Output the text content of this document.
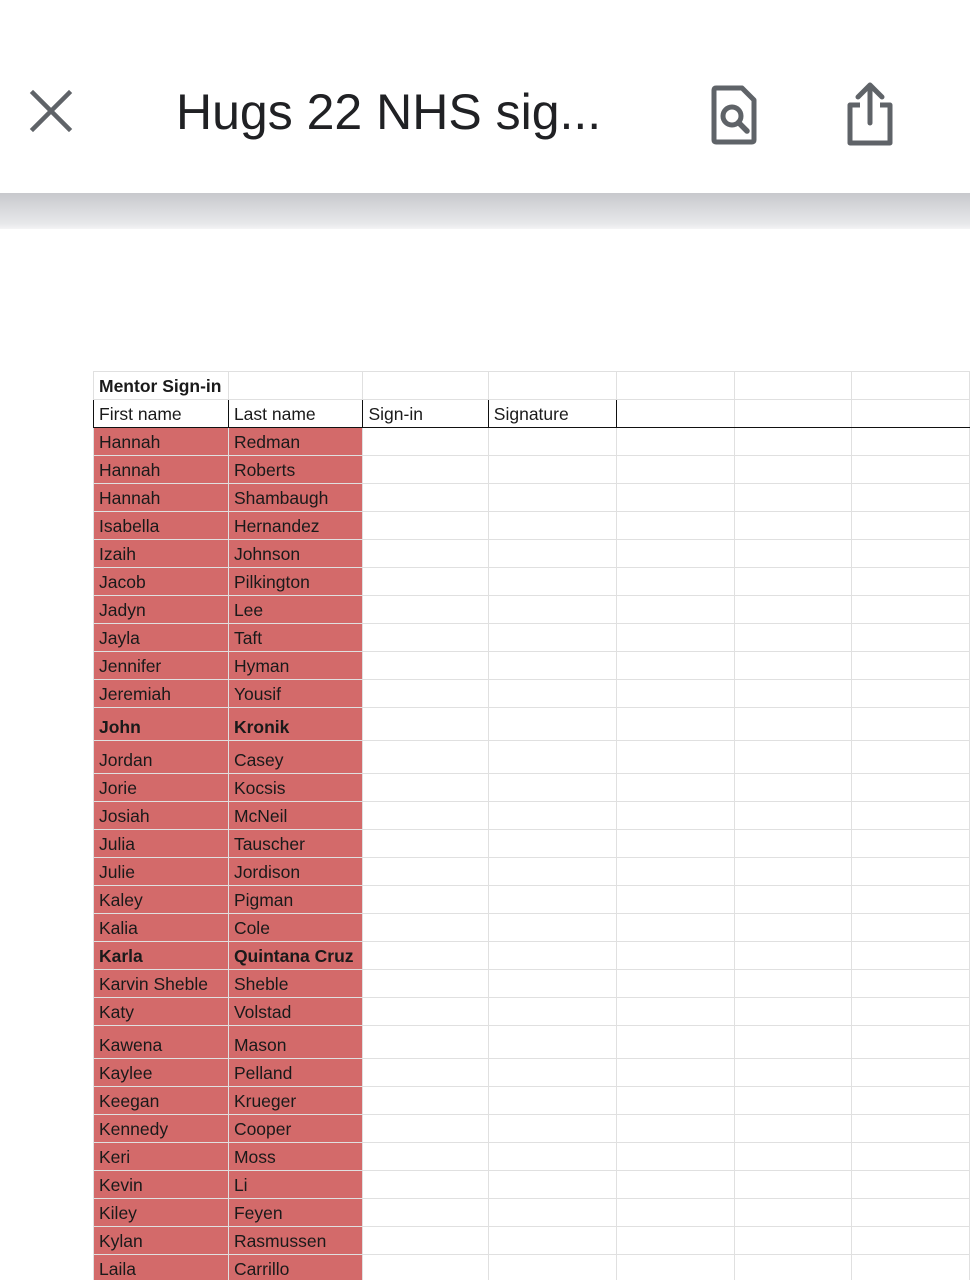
Hugs 22 NHS sig...
Mentor Sign-in						
First name	Last name	Sign-in	Signature			
Hannah	Redman					
Hannah	Roberts					
Hannah	Shambaugh					
Isabella	Hernandez					
Izaih	Johnson					
Jacob	Pilkington					
Jadyn	Lee					
Jayla	Taft					
Jennifer	Hyman					
Jeremiah	Yousif					
John	Kronik					
Jordan	Casey					
Jorie	Kocsis					
Josiah	McNeil					
Julia	Tauscher					
Julie	Jordison					
Kaley	Pigman					
Kalia	Cole					
Karla	Quintana Cruz					
Karvin Sheble	Sheble					
Katy	Volstad					
Kawena	Mason					
Kaylee	Pelland					
Keegan	Krueger					
Kennedy	Cooper					
Keri	Moss					
Kevin	Li					
Kiley	Feyen					
Kylan	Rasmussen					
Laila	Carrillo					
